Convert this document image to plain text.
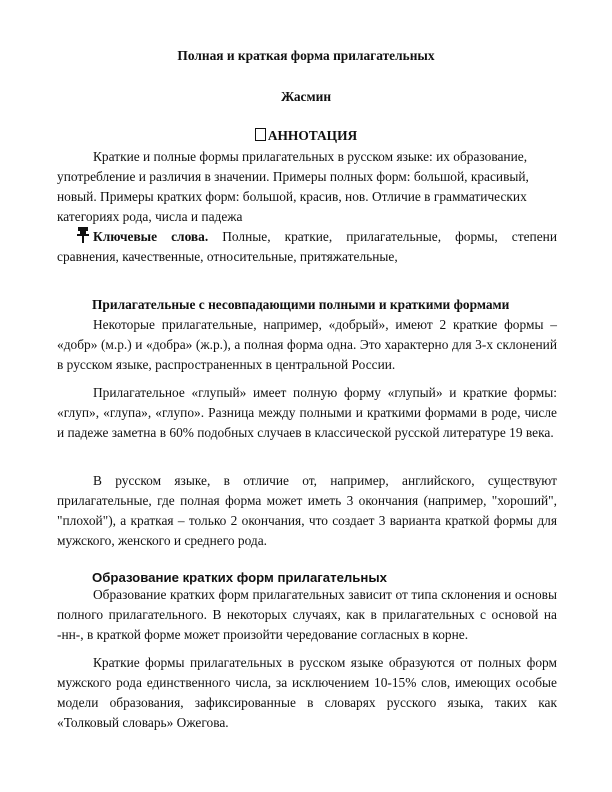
Полная и краткая форма прилагательных
Жасмин
АННОТАЦИЯ
Краткие и полные формы прилагательных в русском языке: их образование, употребление и различия в значении. Примеры полных форм: большой, красивый, новый. Примеры кратких форм: большой, красив, нов. Отличие в грамматических категориях рода, числа и падежа
Ключевые слова. Полные, краткие, прилагательные, формы, степени сравнения, качественные, относительные, притяжательные,
Прилагательные с несовпадающими полными и краткими формами
Некоторые прилагательные, например, «добрый», имеют 2 краткие формы – «добр» (м.р.) и «добра» (ж.р.), а полная форма одна. Это характерно для 3-х склонений в русском языке, распространенных в центральной России.
Прилагательное «глупый» имеет полную форму «глупый» и краткие формы: «глуп», «глупа», «глупо». Разница между полными и краткими формами в роде, числе и падеже заметна в 60% подобных случаев в классической русской литературе 19 века.
В русском языке, в отличие от, например, английского, существуют прилагательные, где полная форма может иметь 3 окончания (например, "хороший", "плохой"), а краткая – только 2 окончания, что создает 3 варианта краткой формы для мужского, женского и среднего рода.
Образование кратких форм прилагательных
Образование кратких форм прилагательных зависит от типа склонения и основы полного прилагательного. В некоторых случаях, как в прилагательных с основой на -нн-, в краткой форме может произойти чередование согласных в корне.
Краткие формы прилагательных в русском языке образуются от полных форм мужского рода единственного числа, за исключением 10-15% слов, имеющих особые модели образования, зафиксированные в словарях русского языка, таких как «Толковый словарь» Ожегова.
